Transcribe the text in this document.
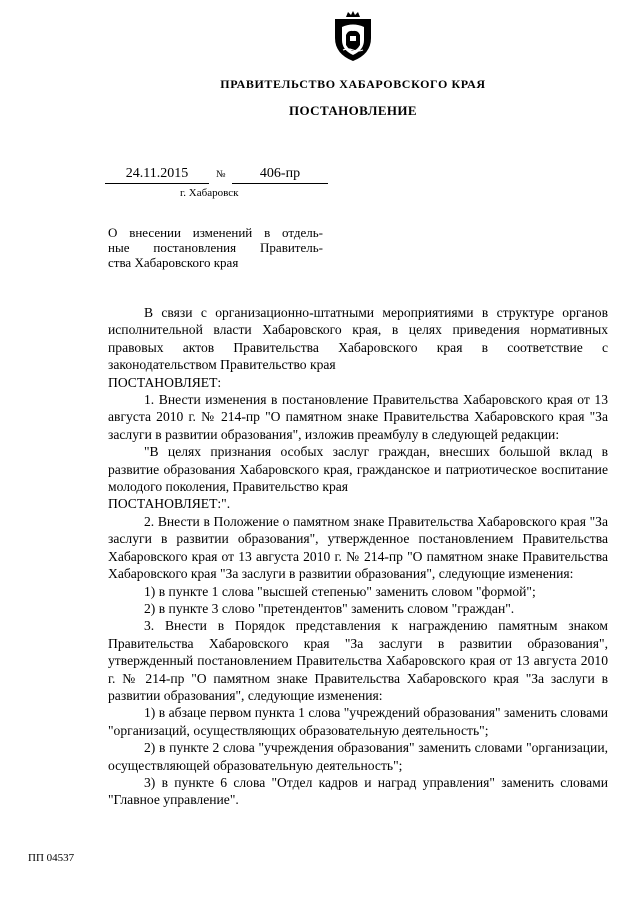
ПРАВИТЕЛЬСТВО ХАБАРОВСКОГО КРАЯ
ПОСТАНОВЛЕНИЕ
24.11.2015	№	406-пр
г. Хабаровск
О внесении изменений в отдель-
ные постановления Правитель-
ства Хабаровского края

В связи с организационно-штатными мероприятиями в структуре органов исполнительной власти Хабаровского края, в целях приведения нормативных правовых актов Правительства Хабаровского края в соответствие с законодательством Правительство края

ПОСТАНОВЛЯЕТ:

1. Внести изменения в постановление Правительства Хабаровского края от 13 августа 2010 г. № 214-пр "О памятном знаке Правительства Хабаровского края "За заслуги в развитии образования", изложив преамбулу в следующей редакции:

"В целях признания особых заслуг граждан, внесших большой вклад в развитие образования Хабаровского края, гражданское и патриотическое воспитание молодого поколения, Правительство края

ПОСТАНОВЛЯЕТ:".

2. Внести в Положение о памятном знаке Правительства Хабаровского края "За заслуги в развитии образования", утвержденное постановлением Правительства Хабаровского края от 13 августа 2010 г. № 214-пр "О памятном знаке Правительства Хабаровского края "За заслуги в развитии образования", следующие изменения:

1) в пункте 1 слова "высшей степенью" заменить словом "формой";

2) в пункте 3 слово "претендентов" заменить словом "граждан".

3. Внести в Порядок представления к награждению памятным знаком Правительства Хабаровского края "За заслуги в развитии образования", утвержденный постановлением Правительства Хабаровского края от 13 августа 2010 г. № 214-пр "О памятном знаке Правительства Хабаровского края "За заслуги в развитии образования", следующие изменения:

1) в абзаце первом пункта 1 слова "учреждений образования" заменить словами "организаций, осуществляющих образовательную деятельность";

2) в пункте 2 слова "учреждения образования" заменить словами "организации, осуществляющей образовательную деятельность";

3) в пункте 6 слова "Отдел кадров и наград управления" заменить словами "Главное управление".

ПП 04537
